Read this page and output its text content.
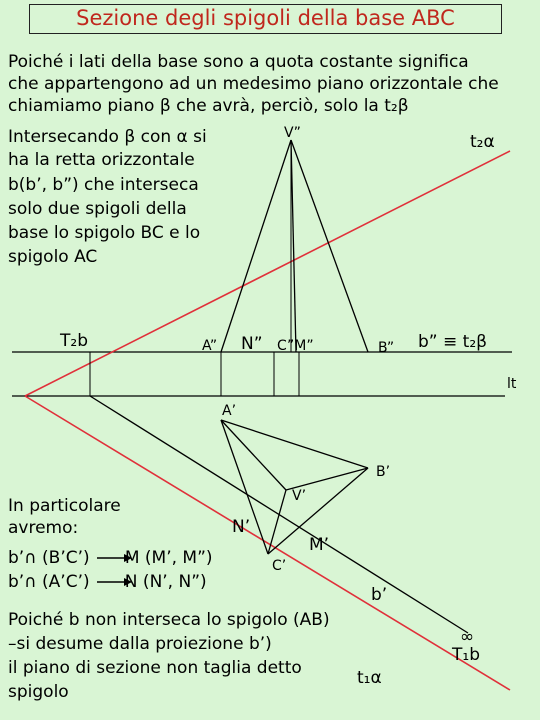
Sezione degli spigoli della base ABC
Poiché i lati della base sono a quota costante significa
che appartengono ad un medesimo piano orizzontale che
chiamiamo piano β che avrà, perciò, solo la t₂β
Intersecando β con α si
ha la retta orizzontale
b(b’, b”) che interseca
solo due spigoli della
base lo spigolo BC e lo
spigolo AC
V”	t₂α
T₂b	A” N” C”M”	B” b” ≡ t₂β
lt
A’
B’
V’
N’
M’
C’
b’
∞
T₁b
t₁α
In particolare
avremo:
b’∩ (B’C’) M (M’, M”)
b’∩ (A’C’) N (N’, N”)
Poiché b non interseca lo spigolo (AB)
–si desume dalla proiezione b’)
il piano di sezione non taglia detto
spigolo
